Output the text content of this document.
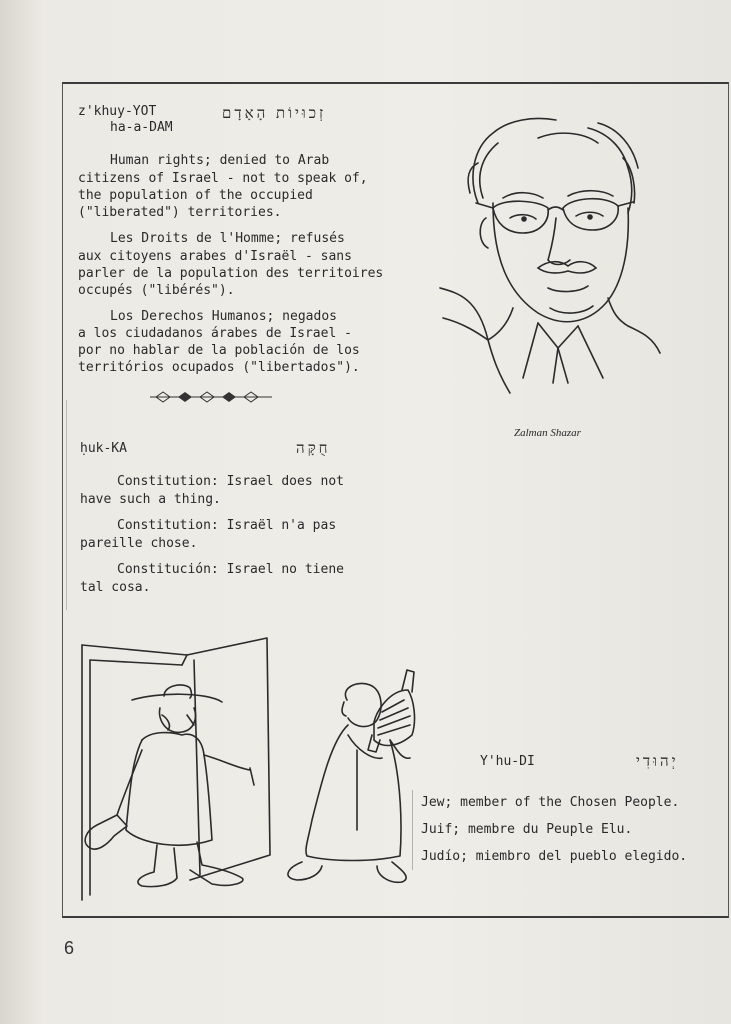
z'khuy-YOT
ha-a-DAM
זְכוּיוֹת הָאָדָם
Human rights; denied to Arab
citizens of Israel - not to speak of,
the population of the occupied
("liberated") territories.
Les Droits de l'Homme; refusés
aux citoyens arabes d'Israël - sans
parler de la population des territoires
occupés ("libérés").
Los Derechos Humanos; negados
a los ciudadanos árabes de Israel -
por no hablar de la población de los
territórios ocupados ("libertados").
Zalman Shazar
ḥuk-KA	חֻקָּה
Constitution: Israel does not
have such a thing.
Constitution: Israël n'a pas
pareille chose.
Constitución: Israel no tiene
tal cosa.
Y'hu-DI	יְהוּדִי
Jew; member of the Chosen People.
Juif; membre du Peuple Elu.
Judío; miembro del pueblo elegido.
6
